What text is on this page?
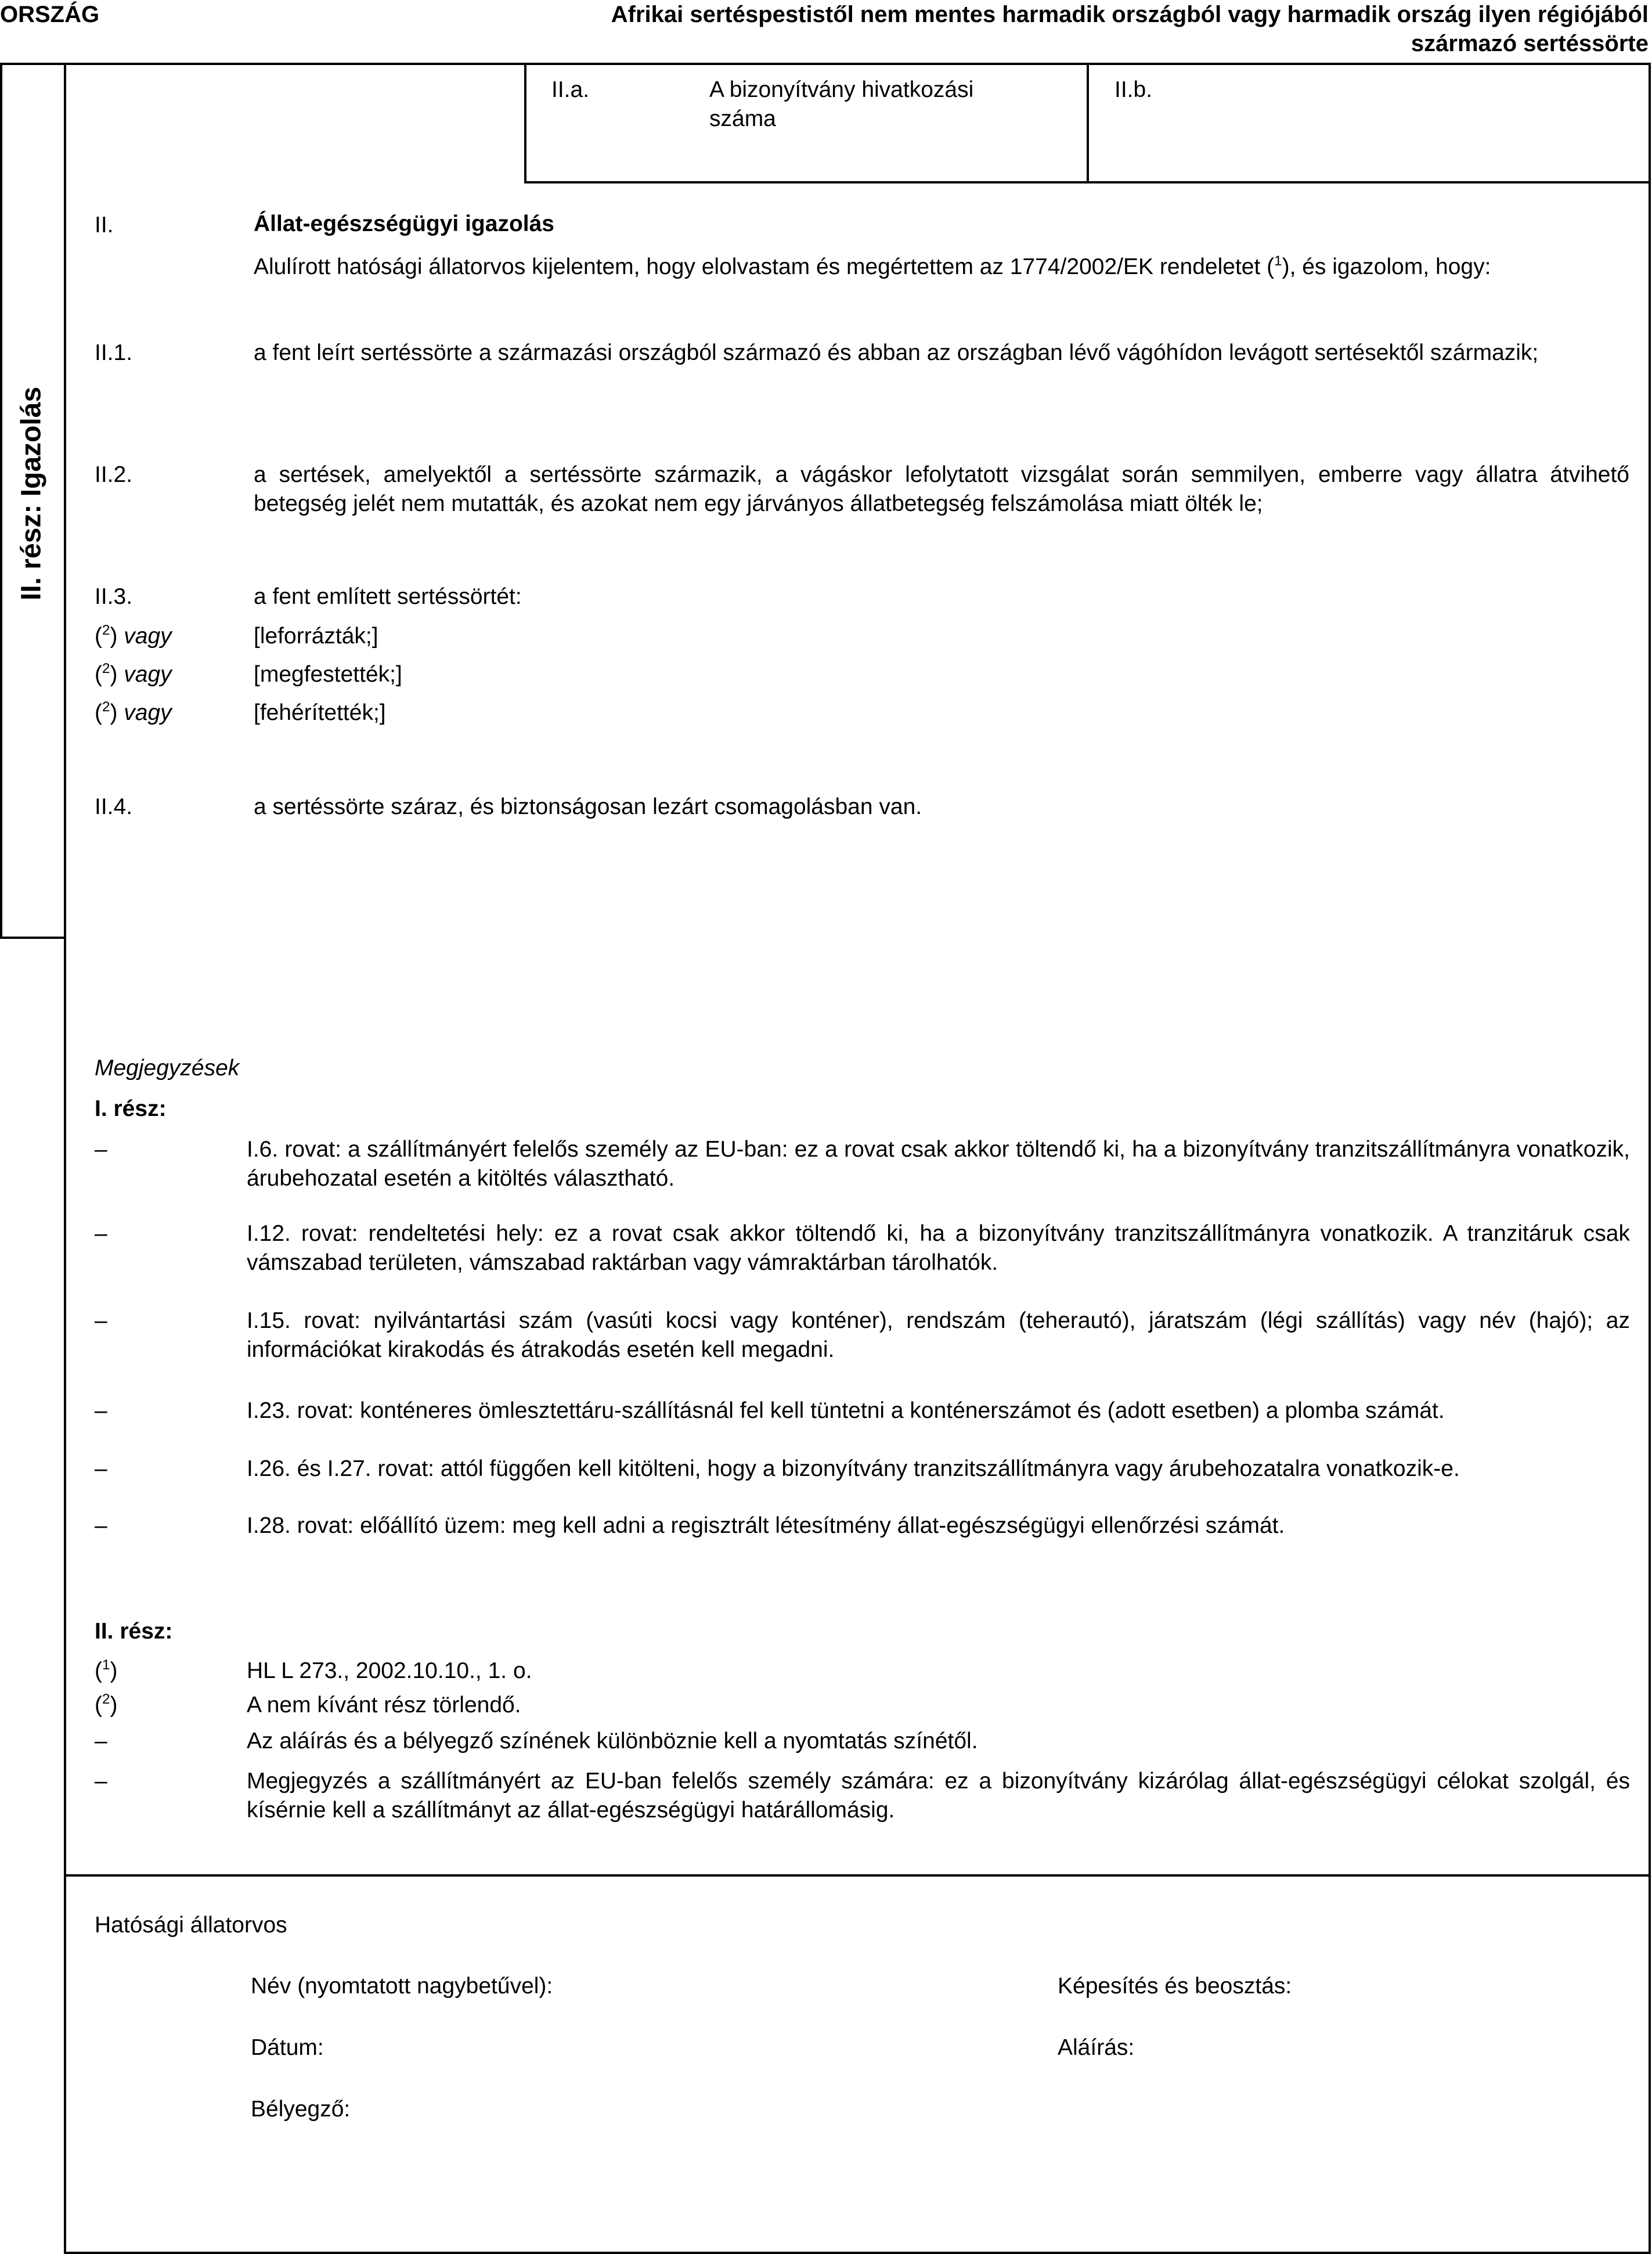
ORSZÁG	Afrikai sertéspestistől nem mentes harmadik országból vagy harmadik ország ilyen régiójából származó sertéssörte
II. rész: Igazolás
II.a.	A bizonyítvány hivatkozási száma
II.b.
II.	Állat-egészségügyi igazolás
Alulírott hatósági állatorvos kijelentem, hogy elolvastam és megértettem az 1774/2002/EK rendeletet ($^1$), és igazolom, hogy:
II.1.	a fent leírt sertéssörte a származási országból származó és abban az országban lévő vágóhídon levágott sertésektől származik;
II.2.	a sertések, amelyektől a sertéssörte származik, a vágáskor lefolytatott vizsgálat során semmilyen, emberre vagy állatra átvihető betegség jelét nem mutatták, és azokat nem egy járványos állatbetegség felszámolása miatt ölték le;
II.3.	a fent említett sertéssörtét:
($^2$) vagy	[leforrázták;]
($^2$) vagy	[megfestették;]
($^2$) vagy	[fehérítették;]
II.4.	a sertéssörte száraz, és biztonságosan lezárt csomagolásban van.
Megjegyzések
I. rész:
–	I.6. rovat: a szállítmányért felelős személy az EU-ban: ez a rovat csak akkor töltendő ki, ha a bizonyítvány tranzitszállítmányra vonatkozik, árubehozatal esetén a kitöltés választható.
–	I.12. rovat: rendeltetési hely: ez a rovat csak akkor töltendő ki, ha a bizonyítvány tranzitszállítmányra vonatkozik. A tranzitáruk csak vámszabad területen, vámszabad raktárban vagy vámraktárban tárolhatók.
–	I.15. rovat: nyilvántartási szám (vasúti kocsi vagy konténer), rendszám (teherautó), járatszám (légi szállítás) vagy név (hajó); az információkat kirakodás és átrakodás esetén kell megadni.
–	I.23. rovat: konténeres ömlesztettáru-szállításnál fel kell tüntetni a konténerszámot és (adott esetben) a plomba számát.
–	I.26. és I.27. rovat: attól függően kell kitölteni, hogy a bizonyítvány tranzitszállítmányra vagy árubehozatalra vonatkozik-e.
–	I.28. rovat: előállító üzem: meg kell adni a regisztrált létesítmény állat-egészségügyi ellenőrzési számát.
II. rész:
($^1$)	HL L 273., 2002.10.10., 1. o.
($^2$)	A nem kívánt rész törlendő.
–	Az aláírás és a bélyegző színének különböznie kell a nyomtatás színétől.
–	Megjegyzés a szállítmányért az EU-ban felelős személy számára: ez a bizonyítvány kizárólag állat-egészségügyi célokat szolgál, és kísérnie kell a szállítmányt az állat-egészségügyi határállomásig.
Hatósági állatorvos
Név (nyomtatott nagybetűvel):	Képesítés és beosztás:
Dátum:	Aláírás:
Bélyegző:
